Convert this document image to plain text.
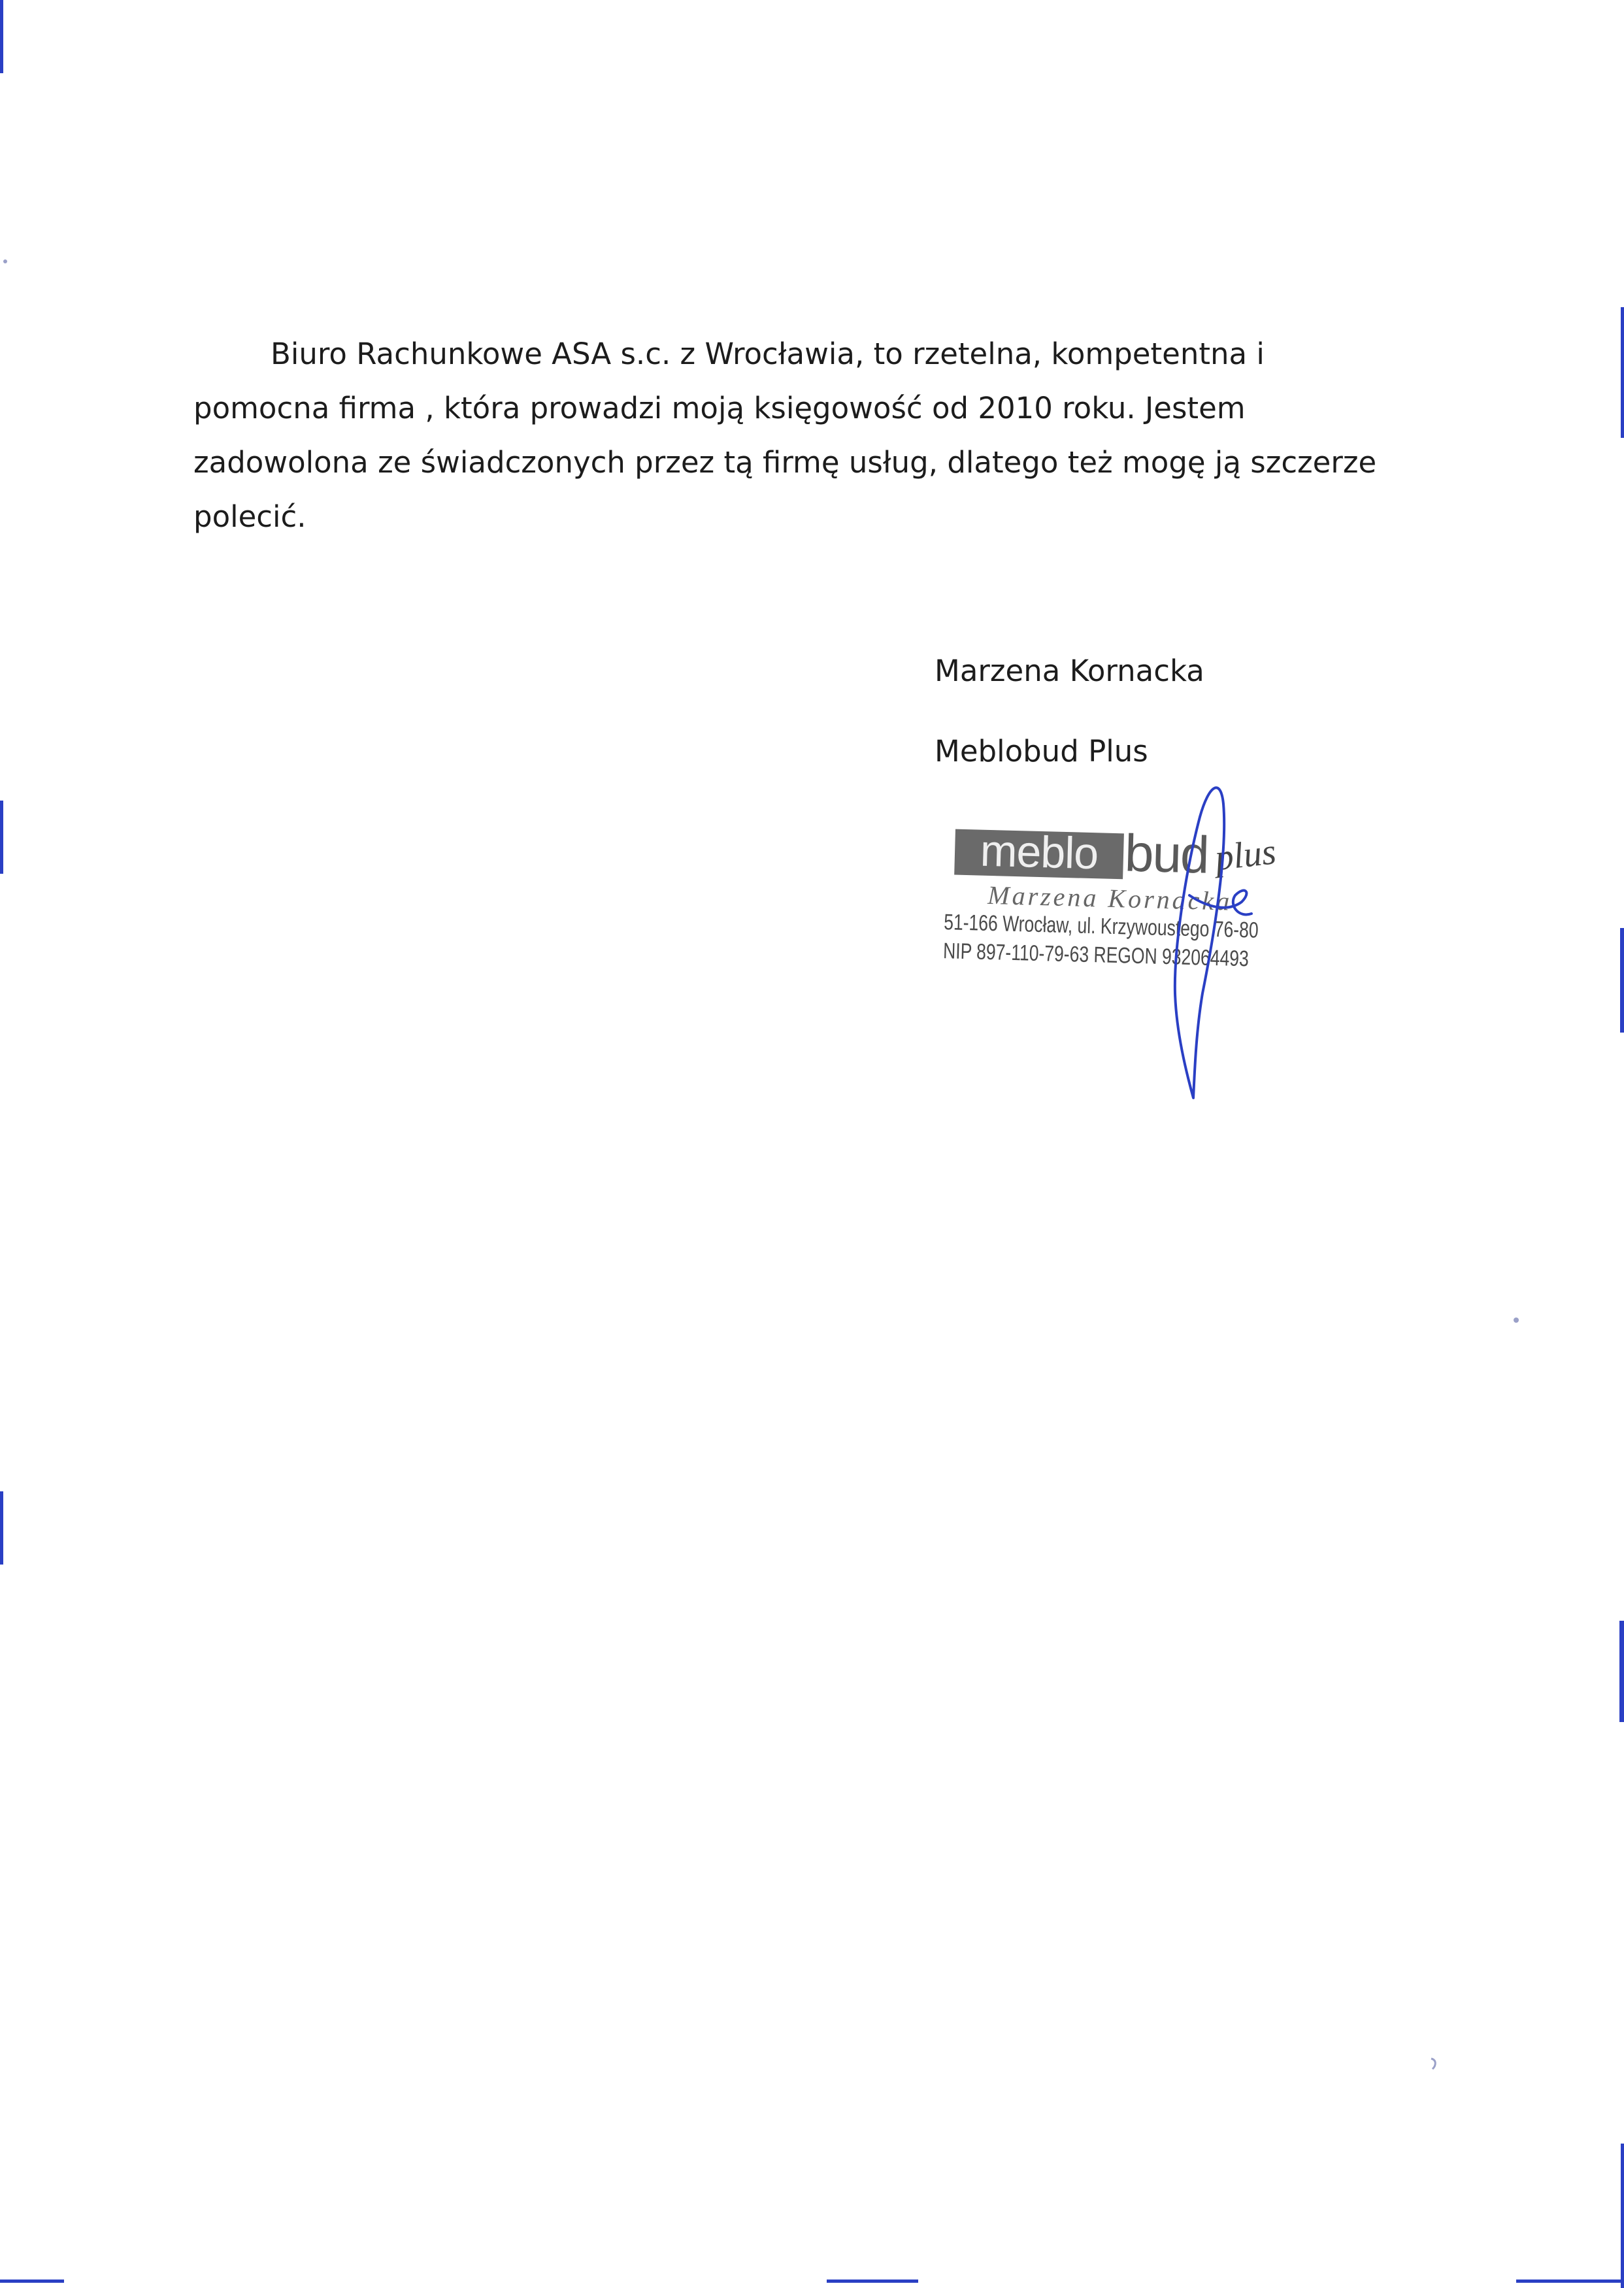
Biuro Rachunkowe ASA s.c. z Wrocławia, to rzetelna, kompetentna i
pomocna firma , która prowadzi moją księgowość od 2010 roku. Jestem
zadowolona ze świadczonych przez tą firmę usług, dlatego też mogę ją szczerze
polecić.
Marzena Kornacka
Meblobud Plus
meblo bud plus
Marzena Kornacka
51-166 Wrocław, ul. Krzywoustego 76-80
NIP 897-110-79-63 REGON 932064493
